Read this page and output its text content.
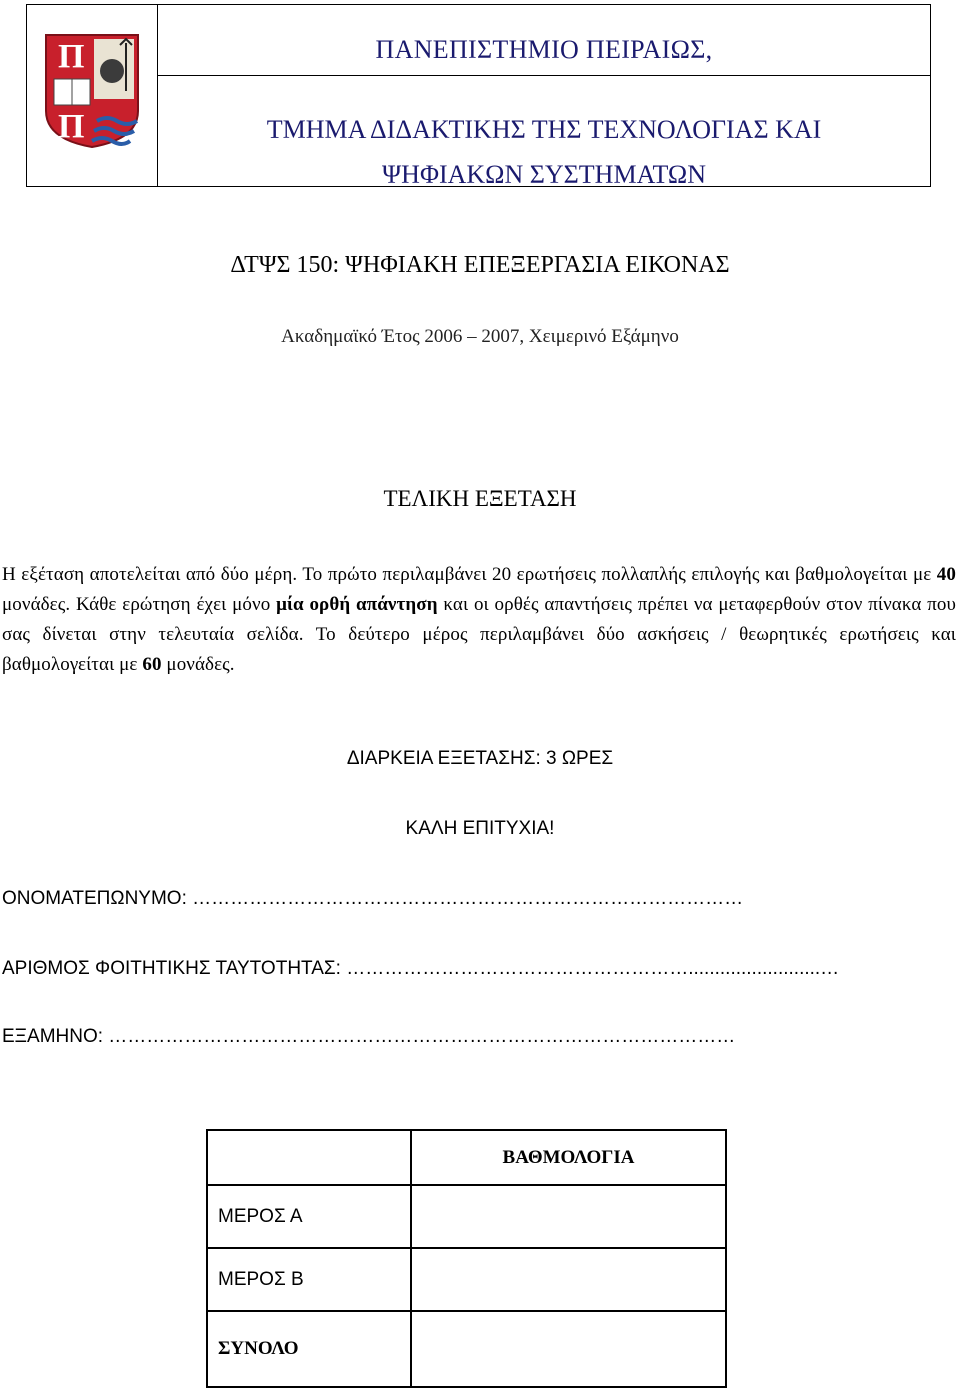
Π
Π
ΠΑΝΕΠΙΣΤΗΜΙΟ ΠΕΙΡΑΙΩΣ,
ΤΜΗΜΑ ΔΙΔΑΚΤΙΚΗΣ ΤΗΣ ΤΕΧΝΟΛΟΓΙΑΣ ΚΑΙ
ΨΗΦΙΑΚΩΝ ΣΥΣΤΗΜΑΤΩΝ
ΔΤΨΣ 150: ΨΗΦΙΑΚΗ ΕΠΕΞΕΡΓΑΣΙΑ ΕΙΚΟΝΑΣ
Ακαδημαϊκό Έτος 2006 – 2007, Χειμερινό Εξάμηνο
ΤΕΛΙΚΗ ΕΞΕΤΑΣΗ
Η εξέταση αποτελείται από δύο μέρη. Το πρώτο περιλαμβάνει 20 ερωτήσεις πολλαπλής επιλογής και βαθμολογείται με 40 μονάδες. Κάθε ερώτηση έχει μόνο μία ορθή απάντηση και οι ορθές απαντήσεις πρέπει να μεταφερθούν στον πίνακα που σας δίνεται στην τελευταία σελίδα. Το δεύτερο μέρος περιλαμβάνει δύο ασκήσεις / θεωρητικές ερωτήσεις και βαθμολογείται με 60 μονάδες.
ΔΙΑΡΚΕΙΑ ΕΞΕΤΑΣΗΣ: 3 ΩΡΕΣ
ΚΑΛΗ ΕΠΙΤΥΧΙΑ!
ΟΝΟΜΑΤΕΠΩΝΥΜΟ: ……………………………………………………………………………
ΑΡΙΘΜΟΣ ΦΟΙΤΗΤΙΚΗΣ ΤΑΥΤΟΤΗΤΑΣ: ……………………………………………….........................…
ΕΞΑΜΗΝΟ: ………………………………………………………………………………………
	ΒΑΘΜΟΛΟΓΙΑ
ΜΕΡΟΣ Α	
ΜΕΡΟΣ Β	
ΣΥΝΟΛΟ	
